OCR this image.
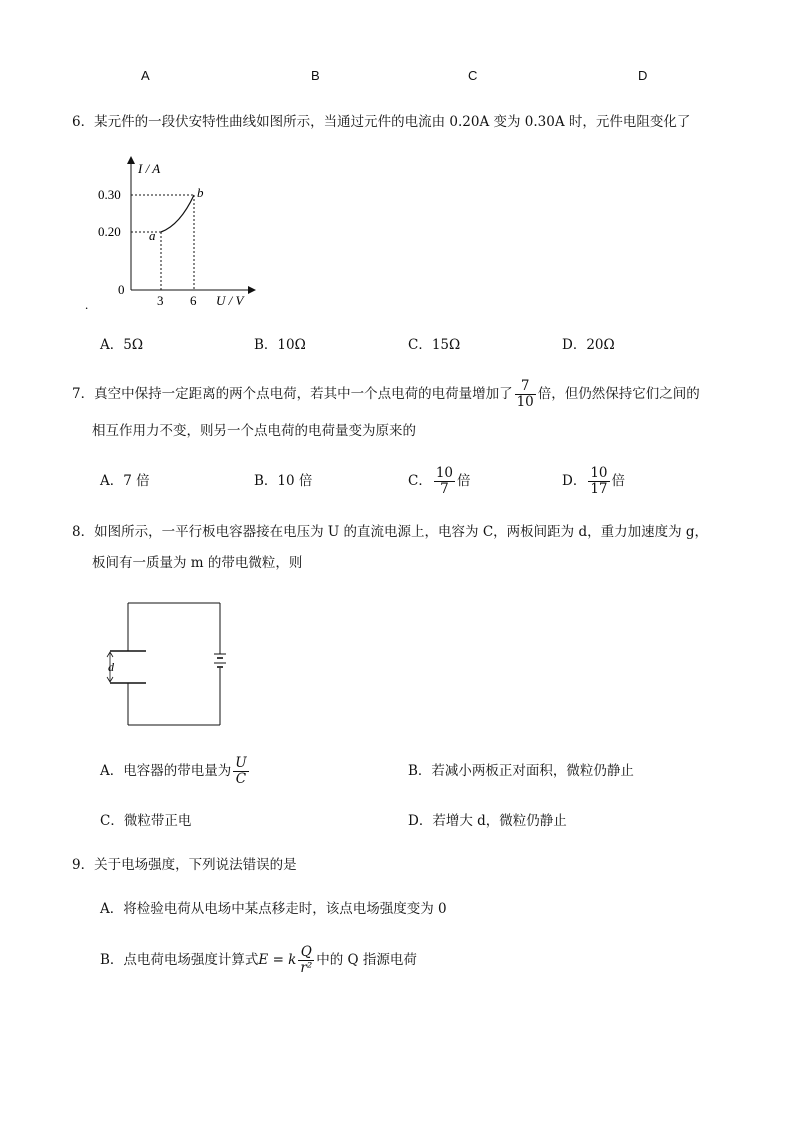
A	B	C	D
6．某元件的一段伏安特性曲线如图所示，当通过元件的电流由 0.20A 变为 0.30A 时，元件电阻变化了
I / A
0.30
0.20
0
3 6 U / V
a
b
.
A．5Ω	B．10Ω	C．15Ω	D．20Ω
7．真空中保持一定距离的两个点电荷，若其中一个点电荷的电荷量增加了 $\frac{7}{10}$ 倍，但仍然保持它们之间的
相互作用力不变，则另一个点电荷的电荷量变为原来的
A．7 倍	B．10 倍	C． $\frac{10}{7}$ 倍	D． $\frac{10}{17}$ 倍
8．如图所示，一平行板电容器接在电压为 U 的直流电源上，电容为 C，两板间距为 d，重力加速度为 g，
板间有一质量为 m 的带电微粒，则
d
A．电容器的带电量为 $\frac{U}{C}$	B．若减小两板正对面积，微粒仍静止
C．微粒带正电	D．若增大 d，微粒仍静止
9．关于电场强度，下列说法错误的是
A．将检验电荷从电场中某点移走时，该点电场强度变为 0
B．点电荷电场强度计算式E = k $\frac{Q}{\text{r²}}$ 中的 Q 指源电荷
